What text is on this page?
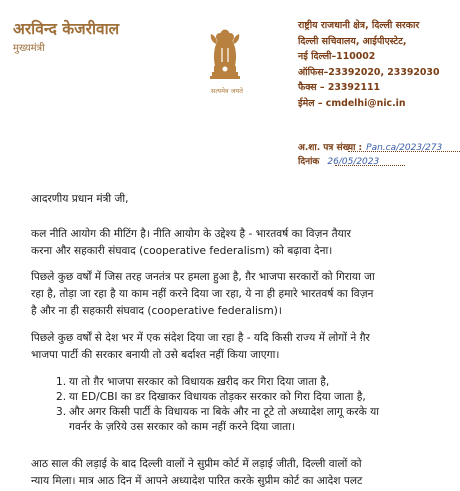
अरविन्द केजरीवाल
मुख्यमंत्री
सत्यमेव जयते
राष्ट्रीय राजधानी क्षेत्र, दिल्ली सरकार
दिल्ली सचिवालय, आईपीएस्टेट,
नई दिल्ली–110002
ऑफिस–23392020, 23392030
फैक्स – 23392111
ईमेल – cmdelhi@nic.in
अ.शा. पत्र संख्या : Pan.ca/2023/273
दिनांक 26/05/2023
आदरणीय प्रधान मंत्री जी,
कल नीति आयोग की मीटिंग है। नीति आयोग के उद्देश्य है - भारतवर्ष का विज़न तैयार
करना और सहकारी संघवाद (cooperative federalism) को बढ़ावा देना।
पिछले कुछ वर्षों में जिस तरह जनतंत्र पर हमला हुआ है, ग़ैर भाजपा सरकारों को गिराया जा
रहा है, तोड़ा जा रहा है या काम नहीं करने दिया जा रहा, ये ना ही हमारे भारतवर्ष का विज़न
है और ना ही सहकारी संघवाद (cooperative federalism)।
पिछले कुछ वर्षों से देश भर में एक संदेश दिया जा रहा है - यदि किसी राज्य में लोगों ने ग़ैर
भाजपा पार्टी की सरकार बनायी तो उसे बर्दाश्त नहीं किया जाएगा।
1. या तो ग़ैर भाजपा सरकार को विधायक ख़रीद कर गिरा दिया जाता है,
2. या ED/CBI का डर दिखाकर विधायक तोड़कर सरकार को गिरा दिया जाता है,
3. और अगर किसी पार्टी के विधायक ना बिके और ना टूटे तो अध्यादेश लागू करके या
गवर्नर के ज़रिये उस सरकार को काम नहीं करने दिया जाता।
आठ साल की लड़ाई के बाद दिल्ली वालों ने सुप्रीम कोर्ट में लड़ाई जीती, दिल्ली वालों को
न्याय मिला। मात्र आठ दिन में आपने अध्यादेश पारित करके सुप्रीम कोर्ट का आदेश पलट
